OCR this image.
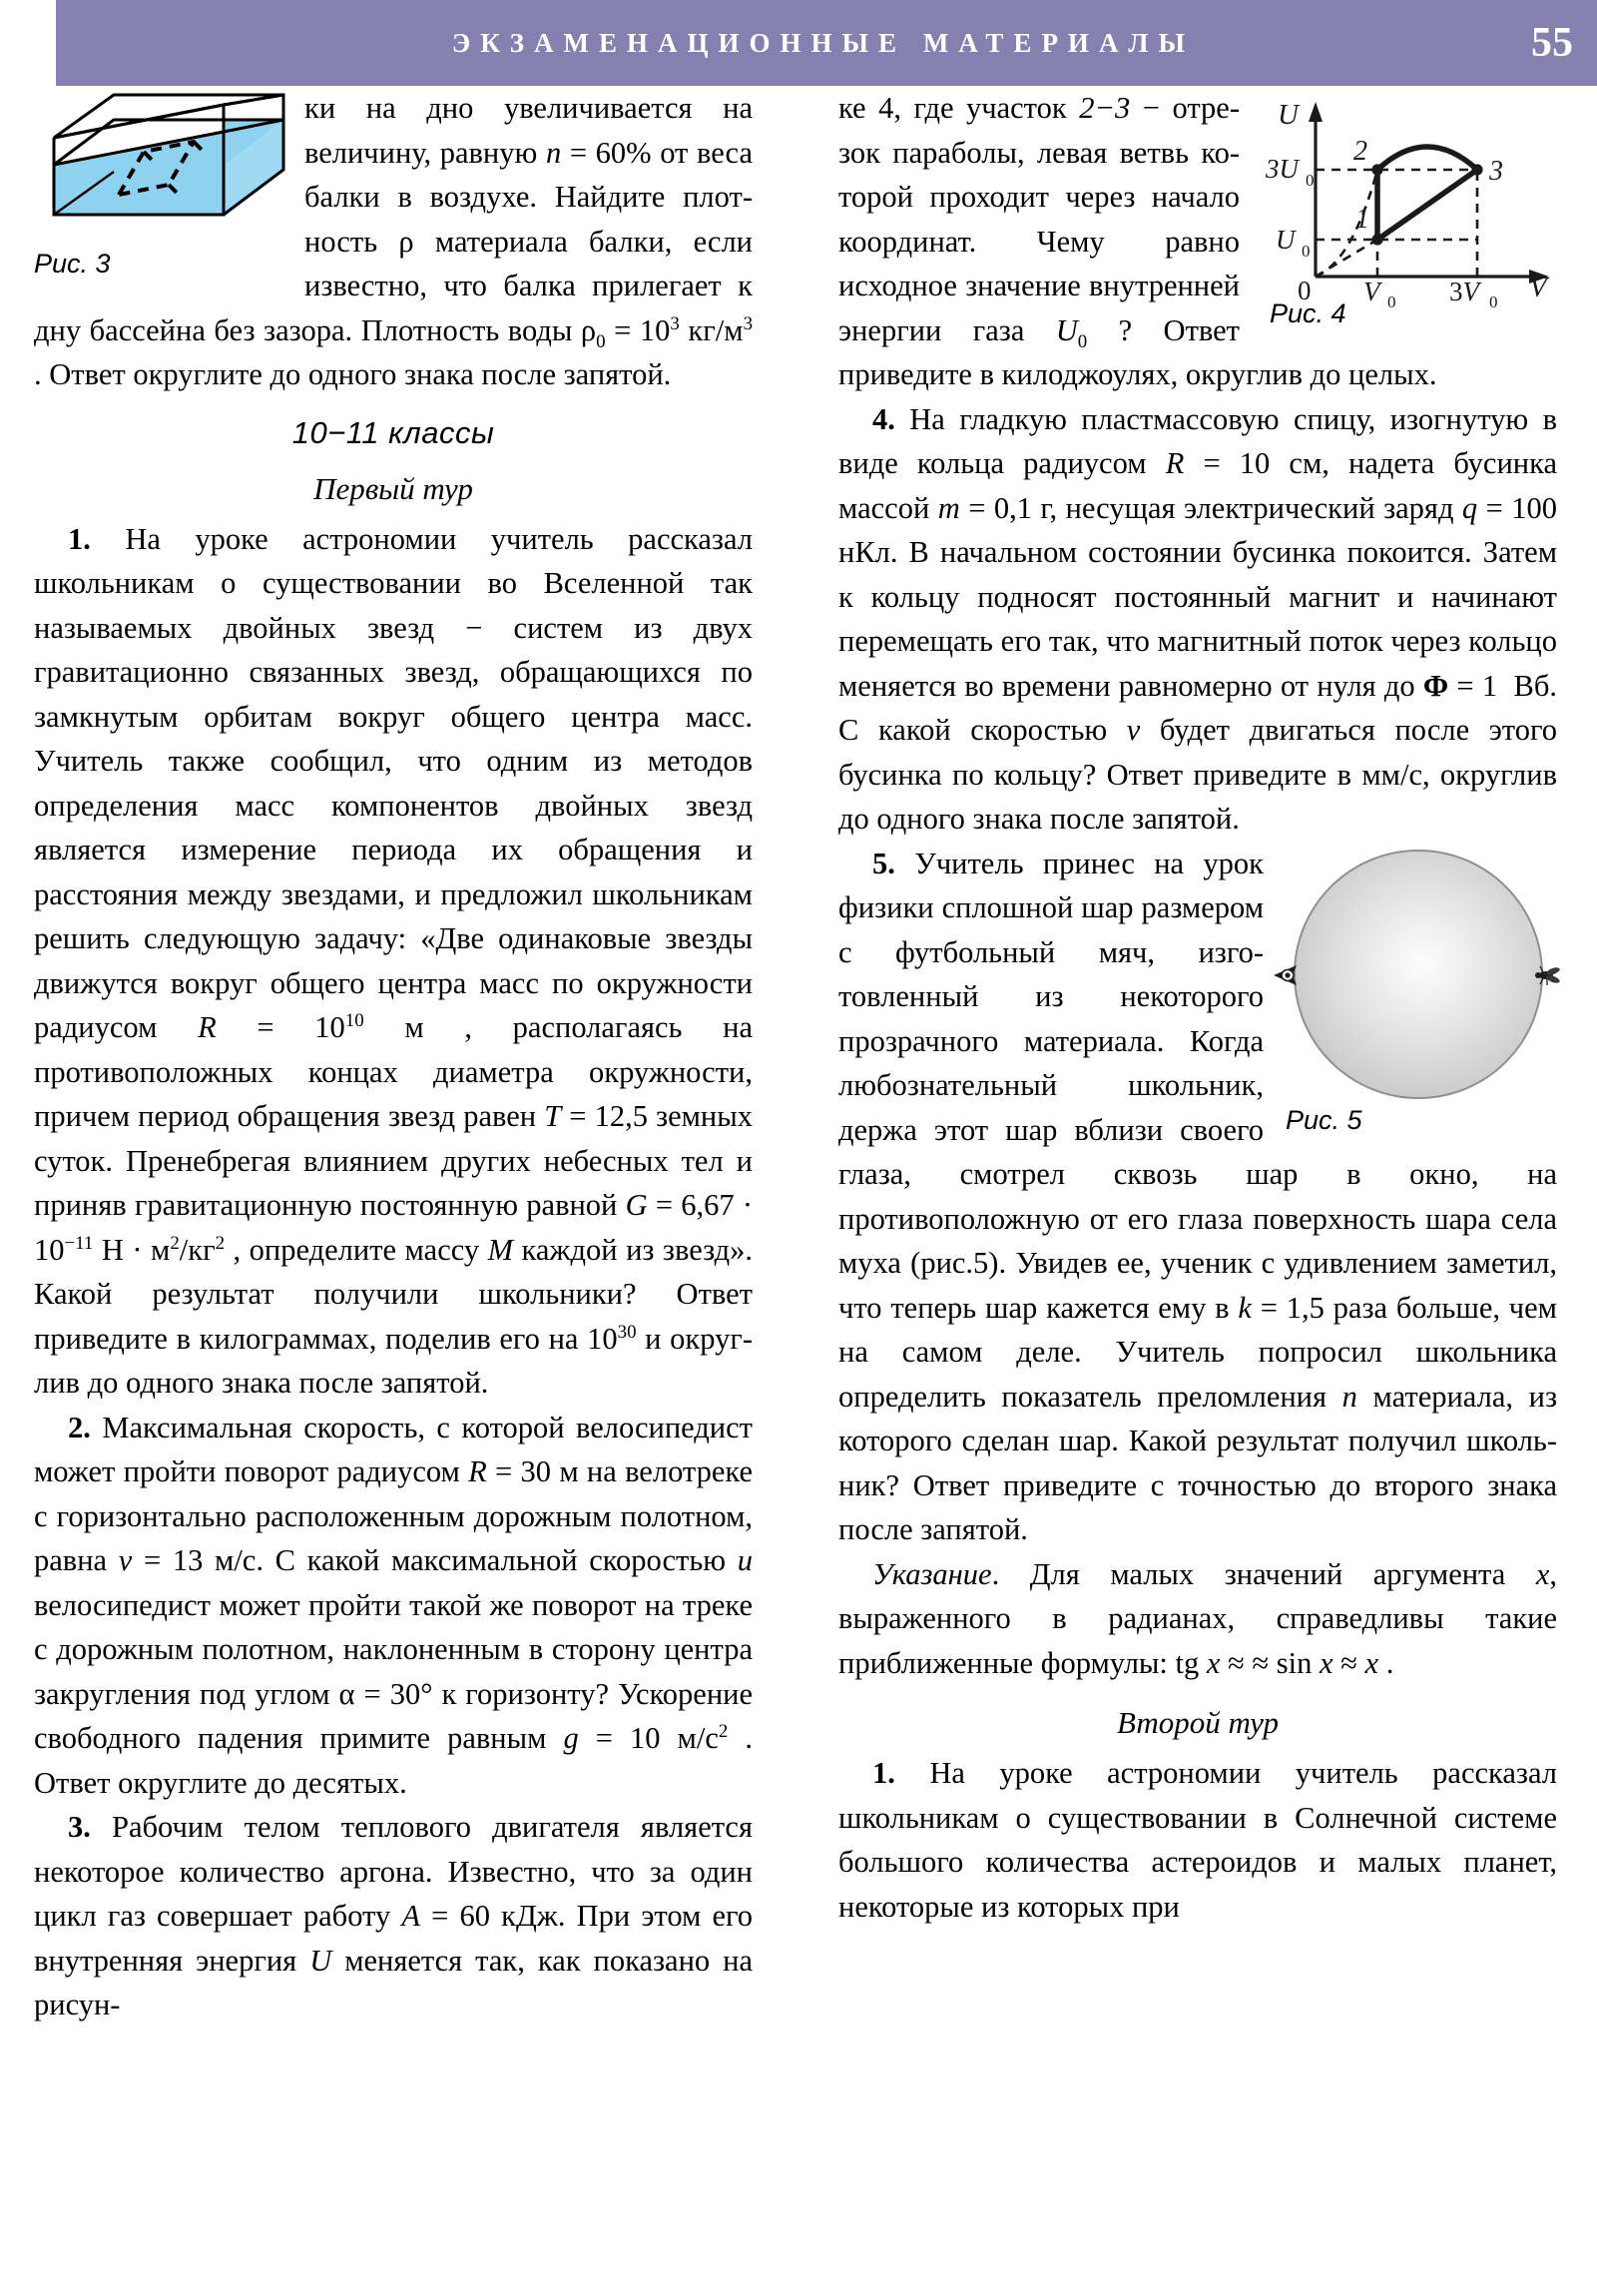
ЭКЗАМЕНАЦИОННЫЕ МАТЕРИАЛЫ	55
Рис. 3

ки на дно увеличивается на величину, равную n = 60% от веса балки в воздухе. Найдите плотность ρ материала балки, если известно, что балка прилегает к дну бассейна без зазора. Плотность воды $\rho_0 = 10^3$ $кг/м^3$ . Ответ округлите до одного знака после запятой.

10−11 классы
Первый тур

1. На уроке астрономии учитель рассказал школьникам о существовании во Вселенной так называемых двойных звезд − систем из двух гравитационно связанных звезд, обращающихся по замкнутым орбитам вокруг общего центра масс. Учитель также сообщил, что одним из методов определения масс компонентов двойных звезд является измерение периода их обращения и расстояния между звездами, и предложил школьникам решить следующую задачу: «Две одинаковые звезды движутся вокруг общего центра масс по окружности радиусом $R = 10^{10}$ м , располагаясь на противоположных концах диаметра окружности, причем период обращения звезд равен T = 12,5 земных суток. Пренебрегая влиянием других небесных тел и приняв гравитационную постоянную равной $G = 6,67 \cdot 10^{-11}$ $Н \cdot м^2/кг^2$ , определите массу M каждой из звезд». Какой результат получили школьники? Ответ приведите в килограммах, поделив его на $10^{30}$ и округлив до одного знака после запятой.

2. Максимальная скорость, с которой велосипедист может пройти поворот радиусом R = 30 м на велотреке с горизонтально расположенным дорожным полотном, равна v = 13 м/с. С какой максимальной скоростью u велосипедист может пройти такой же поворот на треке с дорожным полотном, наклоненным в сторону центра закругления под углом α = 30° к горизонту? Ускорение свободного падения примите равным g = 10 $м/с^2$ . Ответ округлите до десятых.

3. Рабочим телом теплового двигателя является некоторое количество аргона. Известно, что за один цикл газ совершает работу A = 60 кДж. При этом его внутренняя энергия U меняется так, как показано на рисун-

U
V
3U 0
U 0
0 V 0 3V 0
1
2
3
Рис. 4

ке 4, где участок 2−3 − отрезок параболы, левая ветвь которой проходит через начало координат. Чему равно исходное значение внутренней энергии газа $U_0$ ? Ответ приведите в килоджоулях, округлив до целых.

4. На гладкую пластмассовую спицу, изогнутую в виде кольца радиусом R = 10 см, надета бусинка массой m = 0,1 г, несущая электрический заряд q = 100 нКл. В начальном состоянии бусинка покоится. Затем к кольцу подносят постоянный магнит и начинают перемещать его так, что магнитный поток через кольцо меняется во времени равномерно от нуля до Φ = 1  Вб. С какой скоростью v будет двигаться после этого бусинка по кольцу? Ответ приведите в мм/с, округлив до одного знака после запятой.

Рис. 5

5. Учитель принес на урок физики сплошной шар размером с футбольный мяч, изготовленный из некоторого прозрачного материала. Когда любознательный школьник, держа этот шар вблизи своего глаза, смотрел сквозь шар в окно, на противоположную от его глаза поверхность шара села муха (рис.5). Увидев ее, ученик с удивлением заметил, что теперь шар кажется ему в k = 1,5 раза больше, чем на самом деле. Учитель попросил школьника определить показатель преломления n материала, из которого сделан шар. Какой результат получил школьник? Ответ приведите с точностью до второго знака после запятой.

Указание. Для малых значений аргумента x, выраженного в радианах, справедливы такие приближенные формулы: tg x ≈ ≈ sin x ≈ x .

Второй тур

1. На уроке астрономии учитель рассказал школьникам о существовании в Солнечной системе большого количества астероидов и малых планет, некоторые из которых при
